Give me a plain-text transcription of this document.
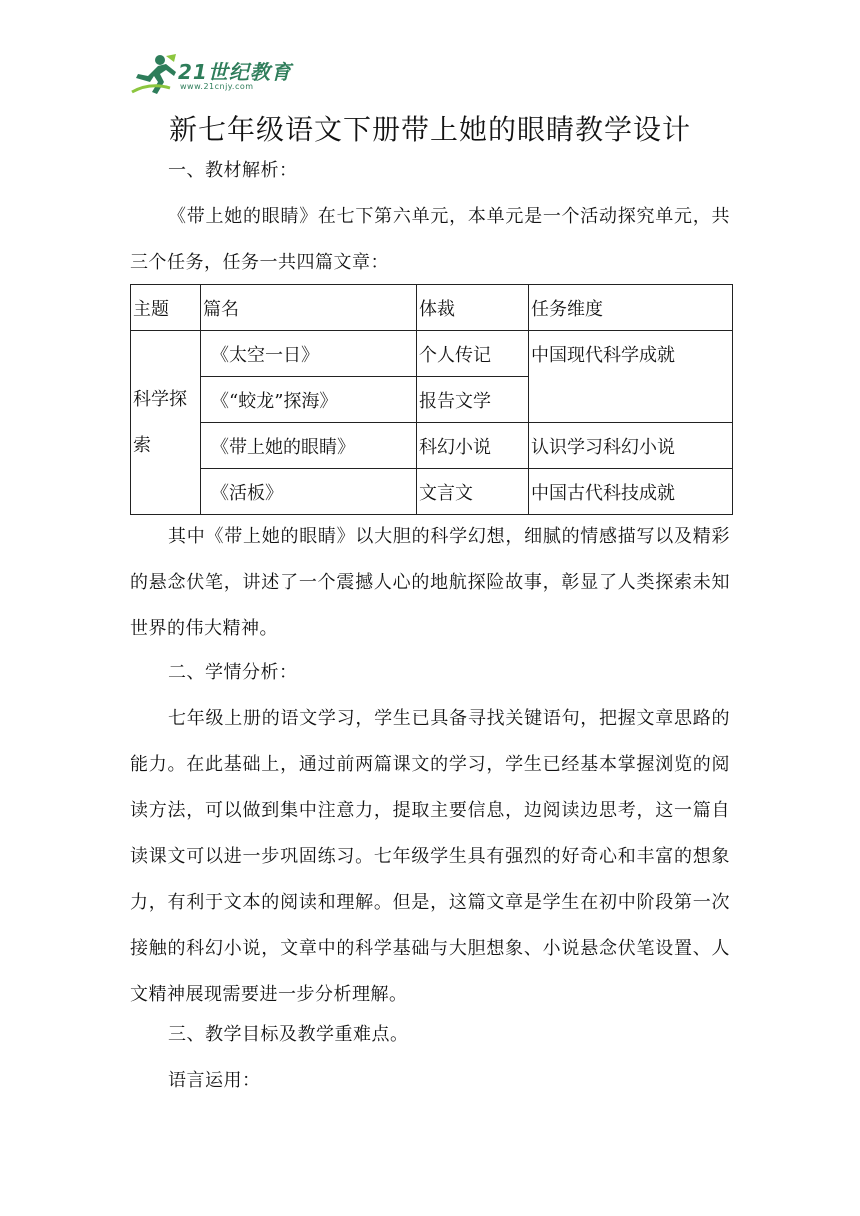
21世纪教育
www.21cnjy.com
新七年级语文下册带上她的眼睛教学设计
一、教材解析：
《带上她的眼睛》在七下第六单元，本单元是一个活动探究单元，共三个任务，任务一共四篇文章：
主题	篇名	体裁	任务维度
科学探索	《太空一日》	个人传记	中国现代科学成就
	《“蛟龙”探海》	报告文学	
	《带上她的眼睛》	科幻小说	认识学习科幻小说
	《活板》	文言文	中国古代科技成就
其中《带上她的眼睛》以大胆的科学幻想，细腻的情感描写以及精彩的悬念伏笔，讲述了一个震撼人心的地航探险故事，彰显了人类探索未知世界的伟大精神。
二、学情分析：
七年级上册的语文学习，学生已具备寻找关键语句，把握文章思路的能力。在此基础上，通过前两篇课文的学习，学生已经基本掌握浏览的阅读方法，可以做到集中注意力，提取主要信息，边阅读边思考，这一篇自读课文可以进一步巩固练习。七年级学生具有强烈的好奇心和丰富的想象力，有利于文本的阅读和理解。但是，这篇文章是学生在初中阶段第一次接触的科幻小说，文章中的科学基础与大胆想象、小说悬念伏笔设置、人文精神展现需要进一步分析理解。
三、教学目标及教学重难点。
语言运用：
